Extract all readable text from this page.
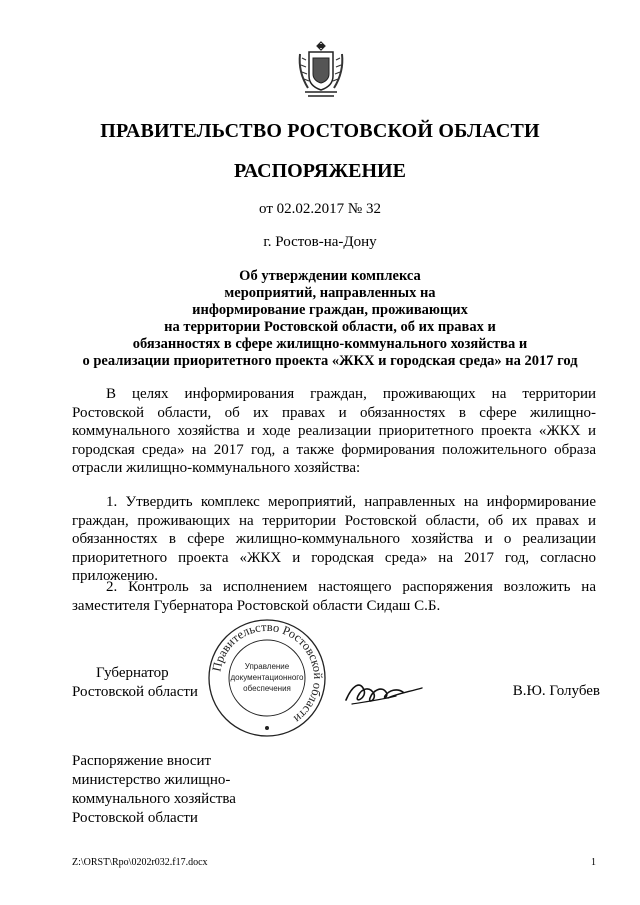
ПРАВИТЕЛЬСТВО РОСТОВСКОЙ ОБЛАСТИ
РАСПОРЯЖЕНИЕ
от 02.02.2017 № 32
г. Ростов-на-Дону
Об утверждении комплекса
мероприятий, направленных на
информирование граждан, проживающих
на территории Ростовской области, об их правах и
обязанностях в сфере жилищно-коммунального хозяйства и
о реализации приоритетного проекта «ЖКХ и городская среда» на 2017 год
В целях информирования граждан, проживающих на территории Ростовской области, об их правах и обязанностях в сфере жилищно-коммунального хозяйства и ходе реализации приоритетного проекта «ЖКХ и городская среда» на 2017 год, а также формирования положительного образа отрасли жилищно-коммунального хозяйства:
1. Утвердить комплекс мероприятий, направленных на информирование граждан, проживающих на территории Ростовской области, об их правах и обязанностях в сфере жилищно-коммунального хозяйства и о реализации приоритетного проекта «ЖКХ и городская среда» на 2017 год, согласно приложению.
2. Контроль за исполнением настоящего распоряжения возложить на заместителя Губернатора Ростовской области Сидаш С.Б.
Губернатор
Ростовской области
Правительство Ростовской области
Управление
документационного
обеспечения	В.Ю. Голубев
Распоряжение вносит
министерство жилищно-
коммунального хозяйства
Ростовской области
Z:\ORST\Rpo\0202r032.f17.docx	1
